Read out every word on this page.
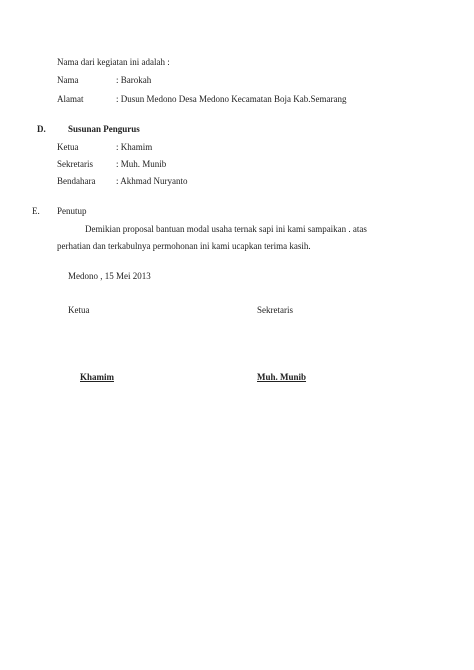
Nama dari kegiatan ini adalah :
Nama	: Barokah
Alamat	: Dusun Medono Desa Medono Kecamatan Boja Kab.Semarang
D. Susunan Pengurus
Ketua	: Khamim
Sekretaris	: Muh. Munib
Bendahara : Akhmad Nuryanto
E. Penutup
Demikian proposal bantuan modal usaha ternak sapi ini kami sampaikan . atas
perhatian dan terkabulnya permohonan ini kami ucapkan terima kasih.
Medono , 15 Mei 2013
Ketua	Sekretaris
Khamim	Muh. Munib
